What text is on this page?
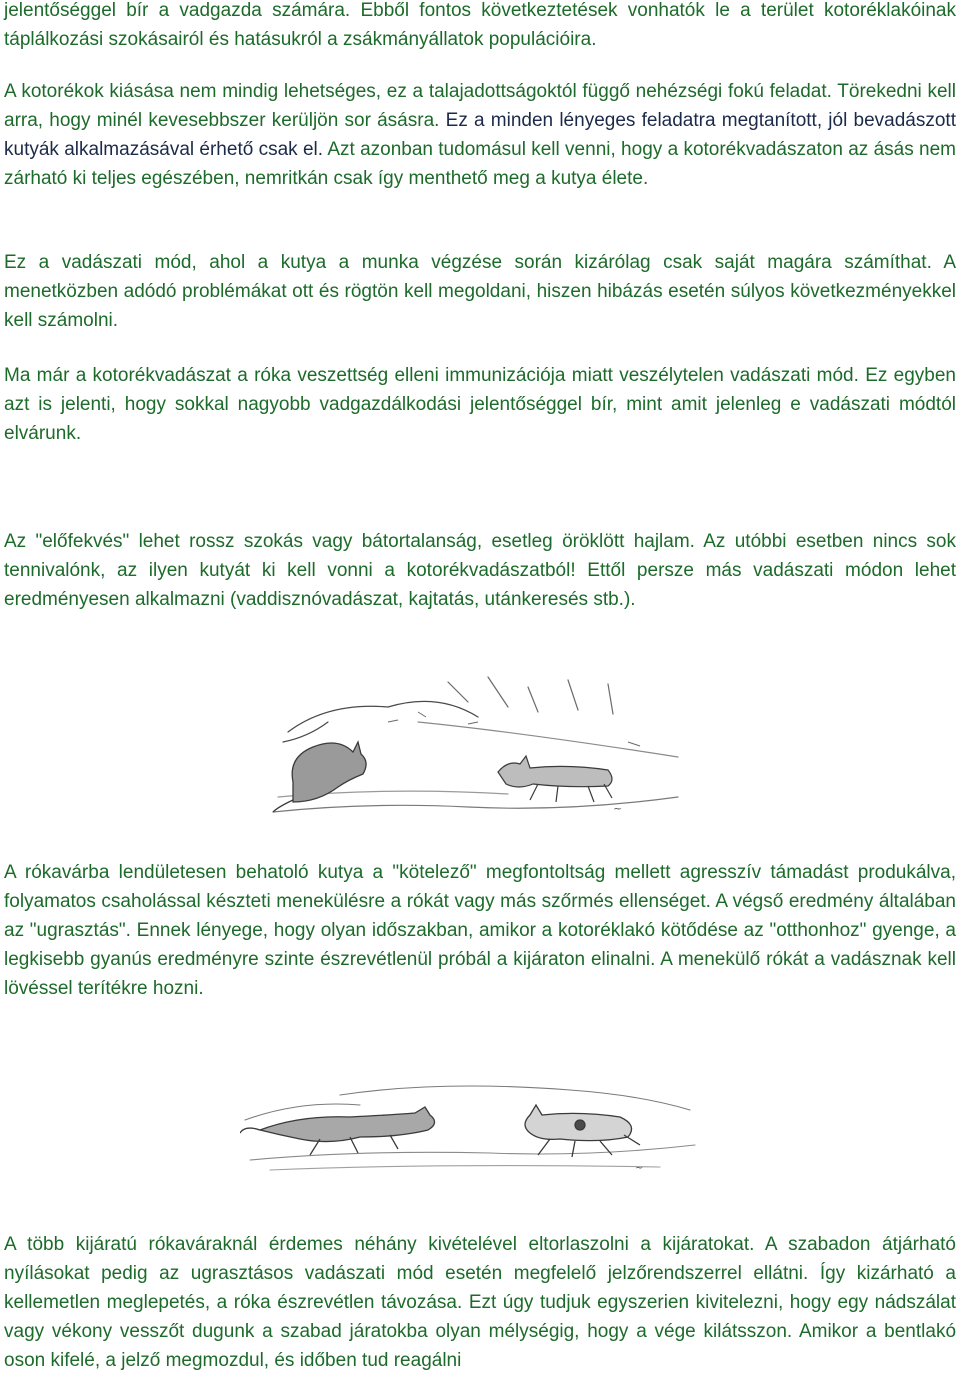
jelentőséggel bír a vadgazda számára. Ebből fontos következtetések vonhatók le a terület kotoréklakóinak táplálkozási szokásairól és hatásukról a zsákmányállatok populációira.

A kotorékok kiásása nem mindig lehetséges, ez a talajadottságoktól függő nehézségi fokú feladat. Törekedni kell arra, hogy minél kevesebbszer kerüljön sor ásásra. Ez a minden lényeges feladatra megtanított, jól bevadászott kutyák alkalmazásával érhető csak el. Azt azonban tudomásul kell venni, hogy a kotorékvadászaton az ásás nem zárható ki teljes egészében, nemritkán csak így menthető meg a kutya élete.

Ez a vadászati mód, ahol a kutya a munka végzése során kizárólag csak saját magára számíthat. A menetközben adódó problémákat ott és rögtön kell megoldani, hiszen hibázás esetén súlyos következményekkel kell számolni.

Ma már a kotorékvadászat a róka veszettség elleni immunizációja miatt veszélytelen vadászati mód. Ez egyben azt is jelenti, hogy sokkal nagyobb vadgazdálkodási jelentőséggel bír, mint amit jelenleg e vadászati módtól elvárunk.

Az "előfekvés" lehet rossz szokás vagy bátortalanság, esetleg öröklött hajlam. Az utóbbi esetben nincs sok tennivalónk, az ilyen kutyát ki kell vonni a kotorékvadászatból! Ettől persze más vadászati módon lehet eredményesen alkalmazni (vaddisznóvadászat, kajtatás, utánkeresés stb.).

~

A rókavárba lendületesen behatoló kutya a "kötelező" megfontoltság mellett agresszív támadást produkálva, folyamatos csaholással készteti menekülésre a rókát vagy más szőrmés ellenséget. A végső eredmény általában az "ugrasztás". Ennek lényege, hogy olyan időszakban, amikor a kotoréklakó kötődése az "otthonhoz" gyenge, a legkisebb gyanús eredményre szinte észrevétlenül próbál a kijáraton elinalni. A menekülő rókát a vadásznak kell lövéssel terítékre hozni.

~

A több kijáratú rókaváraknál érdemes néhány kivételével eltorlaszolni a kijáratokat. A szabadon átjárható nyílásokat pedig az ugrasztásos vadászati mód esetén megfelelő jelzőrendszerrel ellátni. Így kizárható a kellemetlen meglepetés, a róka észrevétlen távozása. Ezt úgy tudjuk egyszerien kivitelezni, hogy egy nádszálat vagy vékony vesszőt dugunk a szabad járatokba olyan mélységig, hogy a vége kilátsszon. Amikor a bentlakó oson kifelé, a jelző megmozdul, és időben tud reagálni
